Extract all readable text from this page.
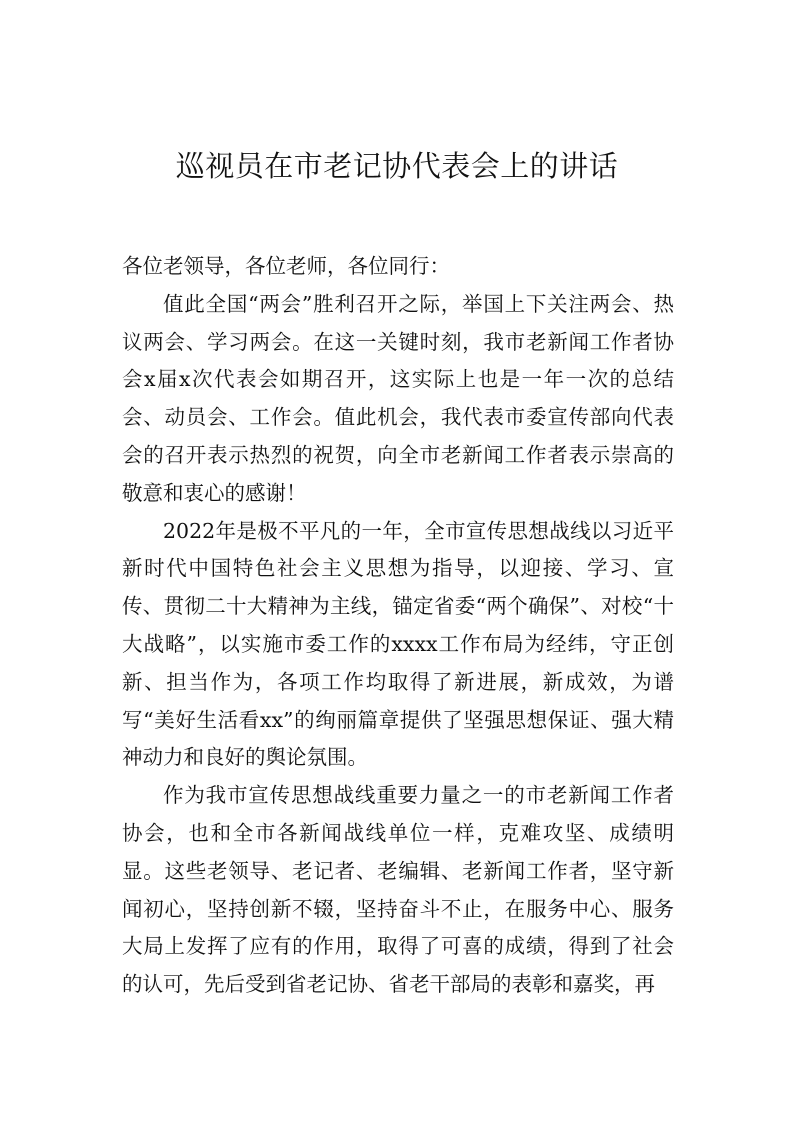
巡视员在市老记协代表会上的讲话

各位老领导，各位老师，各位同行：

值此全国“两会”胜利召开之际，举国上下关注两会、热议两会、学习两会。在这一关键时刻，我市老新闻工作者协会x届x次代表会如期召开，这实际上也是一年一次的总结会、动员会、工作会。值此机会，我代表市委宣传部向代表会的召开表示热烈的祝贺，向全市老新闻工作者表示崇高的敬意和衷心的感谢！

2022年是极不平凡的一年，全市宣传思想战线以习近平新时代中国特色社会主义思想为指导，以迎接、学习、宣传、贯彻二十大精神为主线，锚定省委“两个确保”、对校“十大战略”，以实施市委工作的xxxx工作布局为经纬，守正创新、担当作为，各项工作均取得了新进展，新成效，为谱写“美好生活看xx”的绚丽篇章提供了坚强思想保证、强大精神动力和良好的舆论氛围。

作为我市宣传思想战线重要力量之一的市老新闻工作者协会，也和全市各新闻战线单位一样，克难攻坚、成绩明显。这些老领导、老记者、老编辑、老新闻工作者，坚守新闻初心，坚持创新不辍，坚持奋斗不止，在服务中心、服务大局上发挥了应有的作用，取得了可喜的成绩，得到了社会的认可，先后受到省老记协、省老干部局的表彰和嘉奖，再
